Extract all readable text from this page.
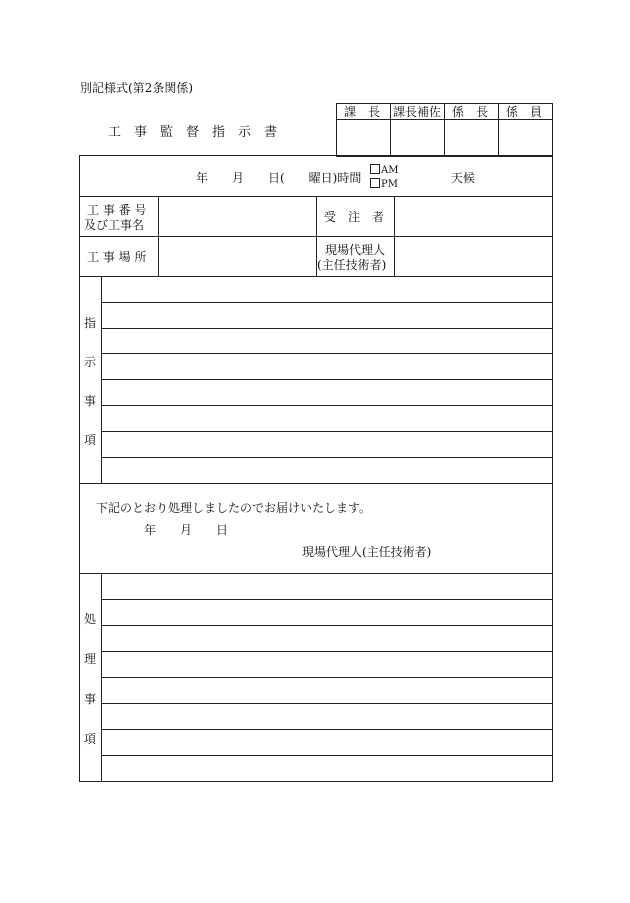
別記様式(第2条関係)
工　事　監　督　指　示　書
課　長 課長補佐 係　長 係　員
年　　月　　日(　　曜日)時間
AM
PM	天候
工 事 番 号
及び工事名
受　注　者
工 事 場 所	現場代理人
(主任技術者)
指
示
事
項
下記のとおり処理しましたのでお届けいたします。
年　　月　　日
現場代理人(主任技術者)
処
理
事
項
